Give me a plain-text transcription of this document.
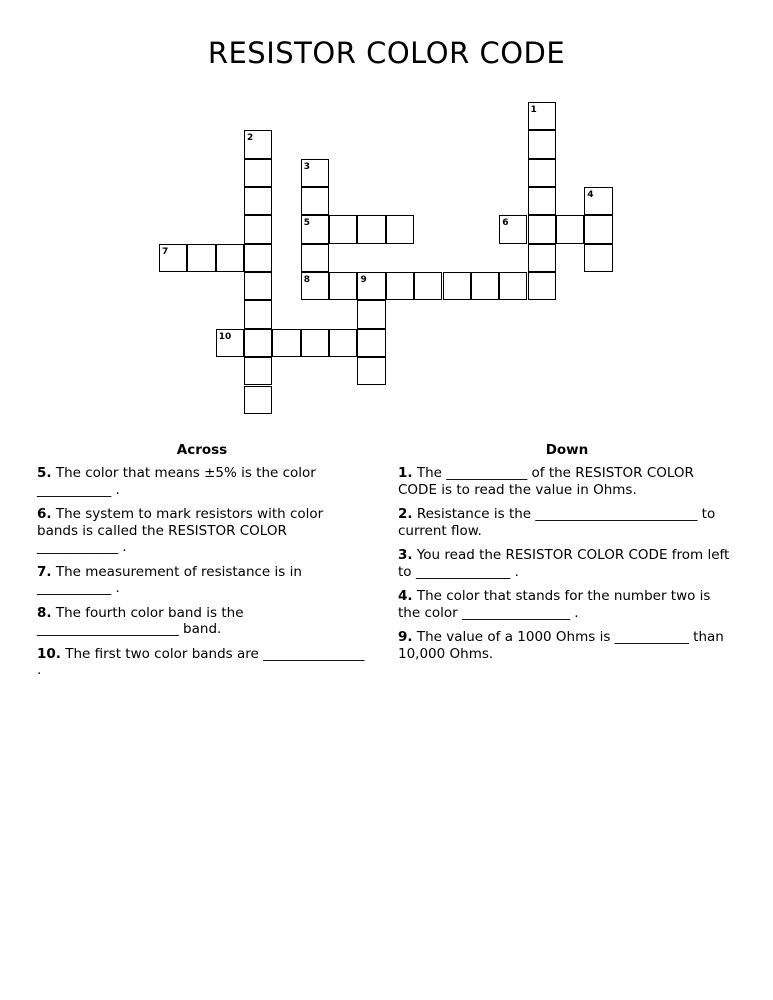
RESISTOR COLOR CODE
1
2
3
5
4
6
7
8	9
10
Across
5. The color that means ±5% is the color ___________ .
6. The system to mark resistors with color bands is called the RESISTOR COLOR ____________ .
7. The measurement of resistance is in ___________ .
8. The fourth color band is the _____________________ band.
10. The first two color bands are _______________ .
Down
1. The ____________ of the RESISTOR COLOR CODE is to read the value in Ohms.
2. Resistance is the ________________________ to current flow.
3. You read the RESISTOR COLOR CODE from left to ______________ .
4. The color that stands for the number two is the color ________________ .
9. The value of a 1000 Ohms is ___________ than 10,000 Ohms.
